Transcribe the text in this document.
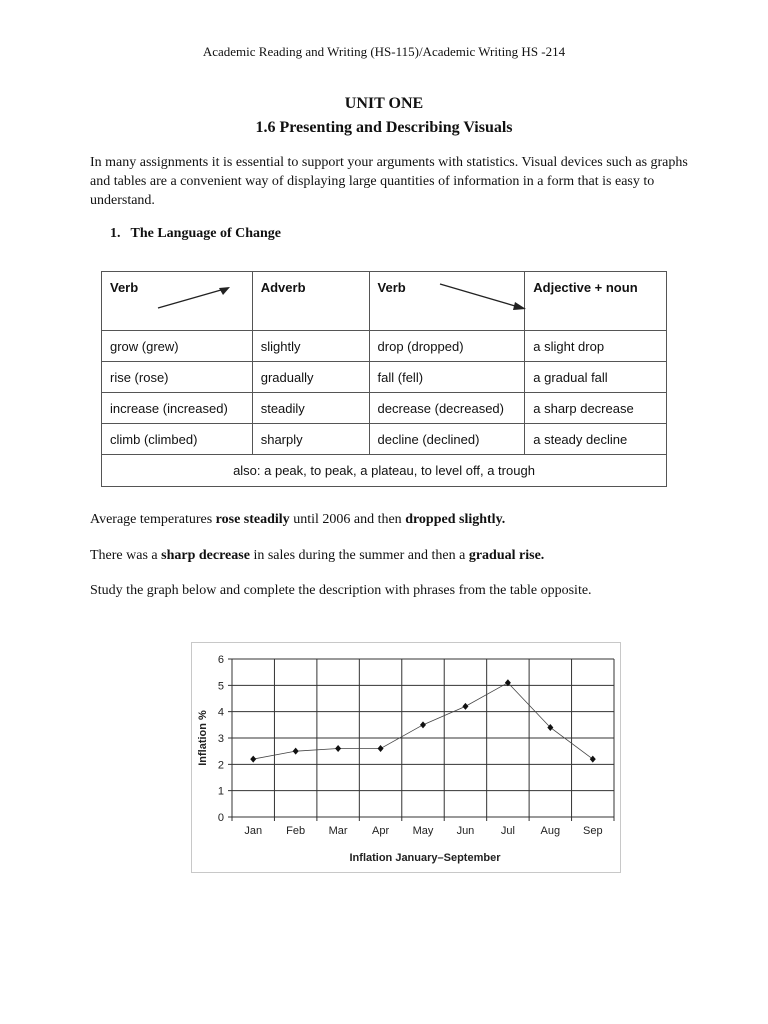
Academic Reading and Writing (HS-115)/Academic Writing HS -214
UNIT ONE
1.6 Presenting and Describing Visuals
In many assignments it is essential to support your arguments with statistics. Visual devices such as graphs and tables are a convenient way of displaying large quantities of information in a form that is easy to understand.
1. The Language of Change
Verb	Adverb	Verb	Adjective + noun
grow (grew)	slightly	drop (dropped)	a slight drop
rise (rose)	gradually	fall (fell)	a gradual fall
increase (increased)	steadily	decrease (decreased)	a sharp decrease
climb (climbed)	sharply	decline (declined)	a steady decline
also: a peak, to peak, a plateau, to level off, a trough			
Average temperatures rose steadily until 2006 and then dropped slightly.
There was a sharp decrease in sales during the summer and then a gradual rise.
Study the graph below and complete the description with phrases from the table opposite.
0
1
2
3
4
5
6
Jan Feb Mar Apr May Jun Jul Aug Sep
Inflation January–September
Inflation %
